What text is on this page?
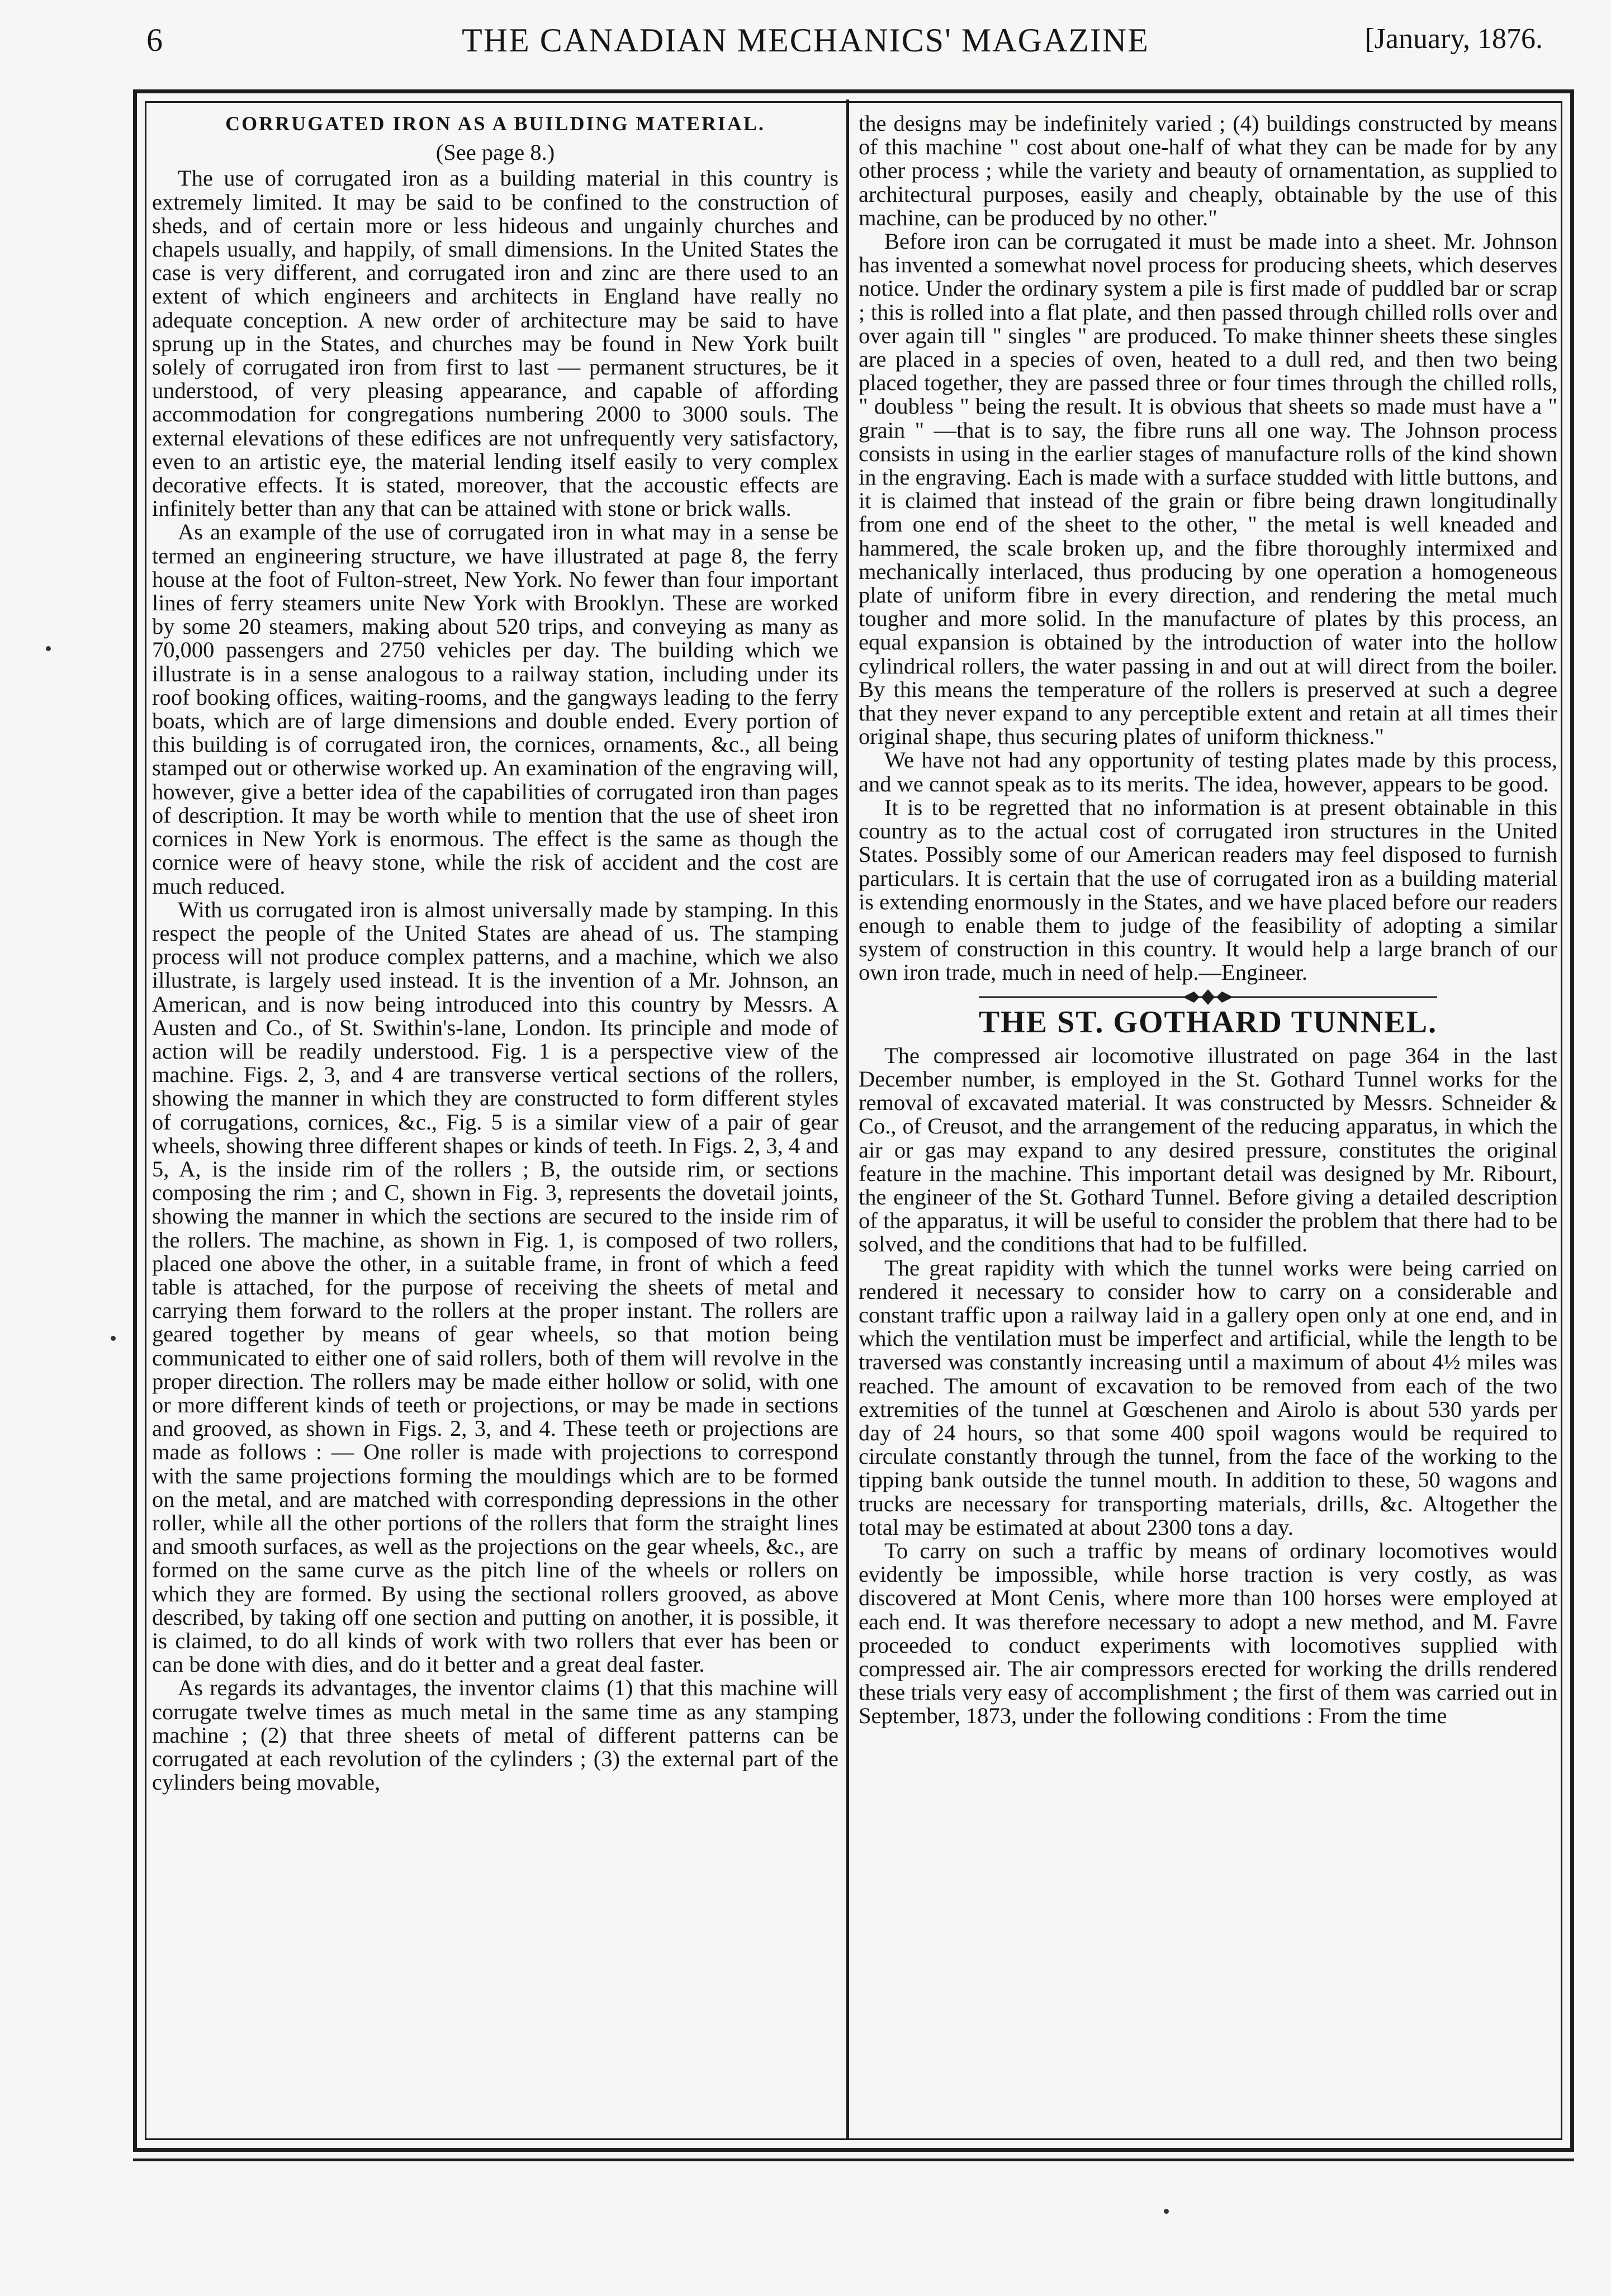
6	THE CANADIAN MECHANICS' MAGAZINE	[January, 1876.
CORRUGATED IRON AS A BUILDING MATERIAL.
(See page 8.)

The use of corrugated iron as a building material in this country is extremely limited. It may be said to be confined to the construction of sheds, and of certain more or less hideous and ungainly churches and chapels usually, and happily, of small dimensions. In the United States the case is very different, and corrugated iron and zinc are there used to an extent of which engineers and architects in England have really no adequate conception. A new order of architecture may be said to have sprung up in the States, and churches may be found in New York built solely of corrugated iron from first to last — permanent structures, be it understood, of very pleasing appearance, and capable of affording accommodation for congregations numbering 2000 to 3000 souls. The external elevations of these edifices are not unfrequently very satisfactory, even to an artistic eye, the material lending itself easily to very complex decorative effects. It is stated, moreover, that the accoustic effects are infinitely better than any that can be attained with stone or brick walls.

As an example of the use of corrugated iron in what may in a sense be termed an engineering structure, we have illustrated at page 8, the ferry house at the foot of Fulton-street, New York. No fewer than four important lines of ferry steamers unite New York with Brooklyn. These are worked by some 20 steamers, making about 520 trips, and conveying as many as 70,000 passengers and 2750 vehicles per day. The building which we illustrate is in a sense analogous to a railway station, including under its roof booking offices, waiting-rooms, and the gangways leading to the ferry boats, which are of large dimensions and double ended. Every portion of this building is of corrugated iron, the cornices, ornaments, &c., all being stamped out or otherwise worked up. An examination of the engraving will, however, give a better idea of the capabilities of corrugated iron than pages of description. It may be worth while to mention that the use of sheet iron cornices in New York is enormous. The effect is the same as though the cornice were of heavy stone, while the risk of accident and the cost are much reduced.

With us corrugated iron is almost universally made by stamping. In this respect the people of the United States are ahead of us. The stamping process will not produce complex patterns, and a machine, which we also illustrate, is largely used instead. It is the invention of a Mr. Johnson, an American, and is now being introduced into this country by Messrs. A Austen and Co., of St. Swithin's-lane, London. Its principle and mode of action will be readily understood. Fig. 1 is a perspective view of the machine. Figs. 2, 3, and 4 are transverse vertical sections of the rollers, showing the manner in which they are constructed to form different styles of corrugations, cornices, &c., Fig. 5 is a similar view of a pair of gear wheels, showing three different shapes or kinds of teeth. In Figs. 2, 3, 4 and 5, A, is the inside rim of the rollers ; B, the outside rim, or sections composing the rim ; and C, shown in Fig. 3, represents the dovetail joints, showing the manner in which the sections are secured to the inside rim of the rollers. The machine, as shown in Fig. 1, is composed of two rollers, placed one above the other, in a suitable frame, in front of which a feed table is attached, for the purpose of receiving the sheets of metal and carrying them forward to the rollers at the proper instant. The rollers are geared together by means of gear wheels, so that motion being communicated to either one of said rollers, both of them will revolve in the proper direction. The rollers may be made either hollow or solid, with one or more different kinds of teeth or projections, or may be made in sections and grooved, as shown in Figs. 2, 3, and 4. These teeth or projections are made as follows : — One roller is made with projections to correspond with the same projections forming the mouldings which are to be formed on the metal, and are matched with corresponding depressions in the other roller, while all the other portions of the rollers that form the straight lines and smooth surfaces, as well as the projections on the gear wheels, &c., are formed on the same curve as the pitch line of the wheels or rollers on which they are formed. By using the sectional rollers grooved, as above described, by taking off one section and putting on another, it is possible, it is claimed, to do all kinds of work with two rollers that ever has been or can be done with dies, and do it better and a great deal faster.

As regards its advantages, the inventor claims (1) that this machine will corrugate twelve times as much metal in the same time as any stamping machine ; (2) that three sheets of metal of different patterns can be corrugated at each revolution of the cylinders ; (3) the external part of the cylinders being movable,

the designs may be indefinitely varied ; (4) buildings constructed by means of this machine " cost about one-half of what they can be made for by any other process ; while the variety and beauty of ornamentation, as supplied to architectural purposes, easily and cheaply, obtainable by the use of this machine, can be produced by no other."

Before iron can be corrugated it must be made into a sheet. Mr. Johnson has invented a somewhat novel process for producing sheets, which deserves notice. Under the ordinary system a pile is first made of puddled bar or scrap ; this is rolled into a flat plate, and then passed through chilled rolls over and over again till " singles " are produced. To make thinner sheets these singles are placed in a species of oven, heated to a dull red, and then two being placed together, they are passed three or four times through the chilled rolls, " doubless " being the result. It is obvious that sheets so made must have a " grain " —that is to say, the fibre runs all one way. The Johnson process consists in using in the earlier stages of manufacture rolls of the kind shown in the engraving. Each is made with a surface studded with little buttons, and it is claimed that instead of the grain or fibre being drawn longitudinally from one end of the sheet to the other, " the metal is well kneaded and hammered, the scale broken up, and the fibre thoroughly intermixed and mechanically interlaced, thus producing by one operation a homogeneous plate of uniform fibre in every direction, and rendering the metal much tougher and more solid. In the manufacture of plates by this process, an equal expansion is obtained by the introduction of water into the hollow cylindrical rollers, the water passing in and out at will direct from the boiler. By this means the temperature of the rollers is preserved at such a degree that they never expand to any perceptible extent and retain at all times their original shape, thus securing plates of uniform thickness."

We have not had any opportunity of testing plates made by this process, and we cannot speak as to its merits. The idea, however, appears to be good.

It is to be regretted that no information is at present obtainable in this country as to the actual cost of corrugated iron structures in the United States. Possibly some of our American readers may feel disposed to furnish particulars. It is certain that the use of corrugated iron as a building material is extending enormously in the States, and we have placed before our readers enough to enable them to judge of the feasibility of adopting a similar system of construction in this country. It would help a large branch of our own iron trade, much in need of help.—Engineer.

THE ST. GOTHARD TUNNEL.

The compressed air locomotive illustrated on page 364 in the last December number, is employed in the St. Gothard Tunnel works for the removal of excavated material. It was constructed by Messrs. Schneider & Co., of Creusot, and the arrangement of the reducing apparatus, in which the air or gas may expand to any desired pressure, constitutes the original feature in the machine. This important detail was designed by Mr. Ribourt, the engineer of the St. Gothard Tunnel. Before giving a detailed description of the apparatus, it will be useful to consider the problem that there had to be solved, and the conditions that had to be fulfilled.

The great rapidity with which the tunnel works were being carried on rendered it necessary to consider how to carry on a considerable and constant traffic upon a railway laid in a gallery open only at one end, and in which the ventilation must be imperfect and artificial, while the length to be traversed was constantly increasing until a maximum of about 4½ miles was reached. The amount of excavation to be removed from each of the two extremities of the tunnel at Gœschenen and Airolo is about 530 yards per day of 24 hours, so that some 400 spoil wagons would be required to circulate constantly through the tunnel, from the face of the working to the tipping bank outside the tunnel mouth. In addition to these, 50 wagons and trucks are necessary for transporting materials, drills, &c. Altogether the total may be estimated at about 2300 tons a day.

To carry on such a traffic by means of ordinary locomotives would evidently be impossible, while horse traction is very costly, as was discovered at Mont Cenis, where more than 100 horses were employed at each end. It was therefore necessary to adopt a new method, and M. Favre proceeded to conduct experiments with locomotives supplied with compressed air. The air compressors erected for working the drills rendered these trials very easy of accomplishment ; the first of them was carried out in September, 1873, under the following conditions : From the time
